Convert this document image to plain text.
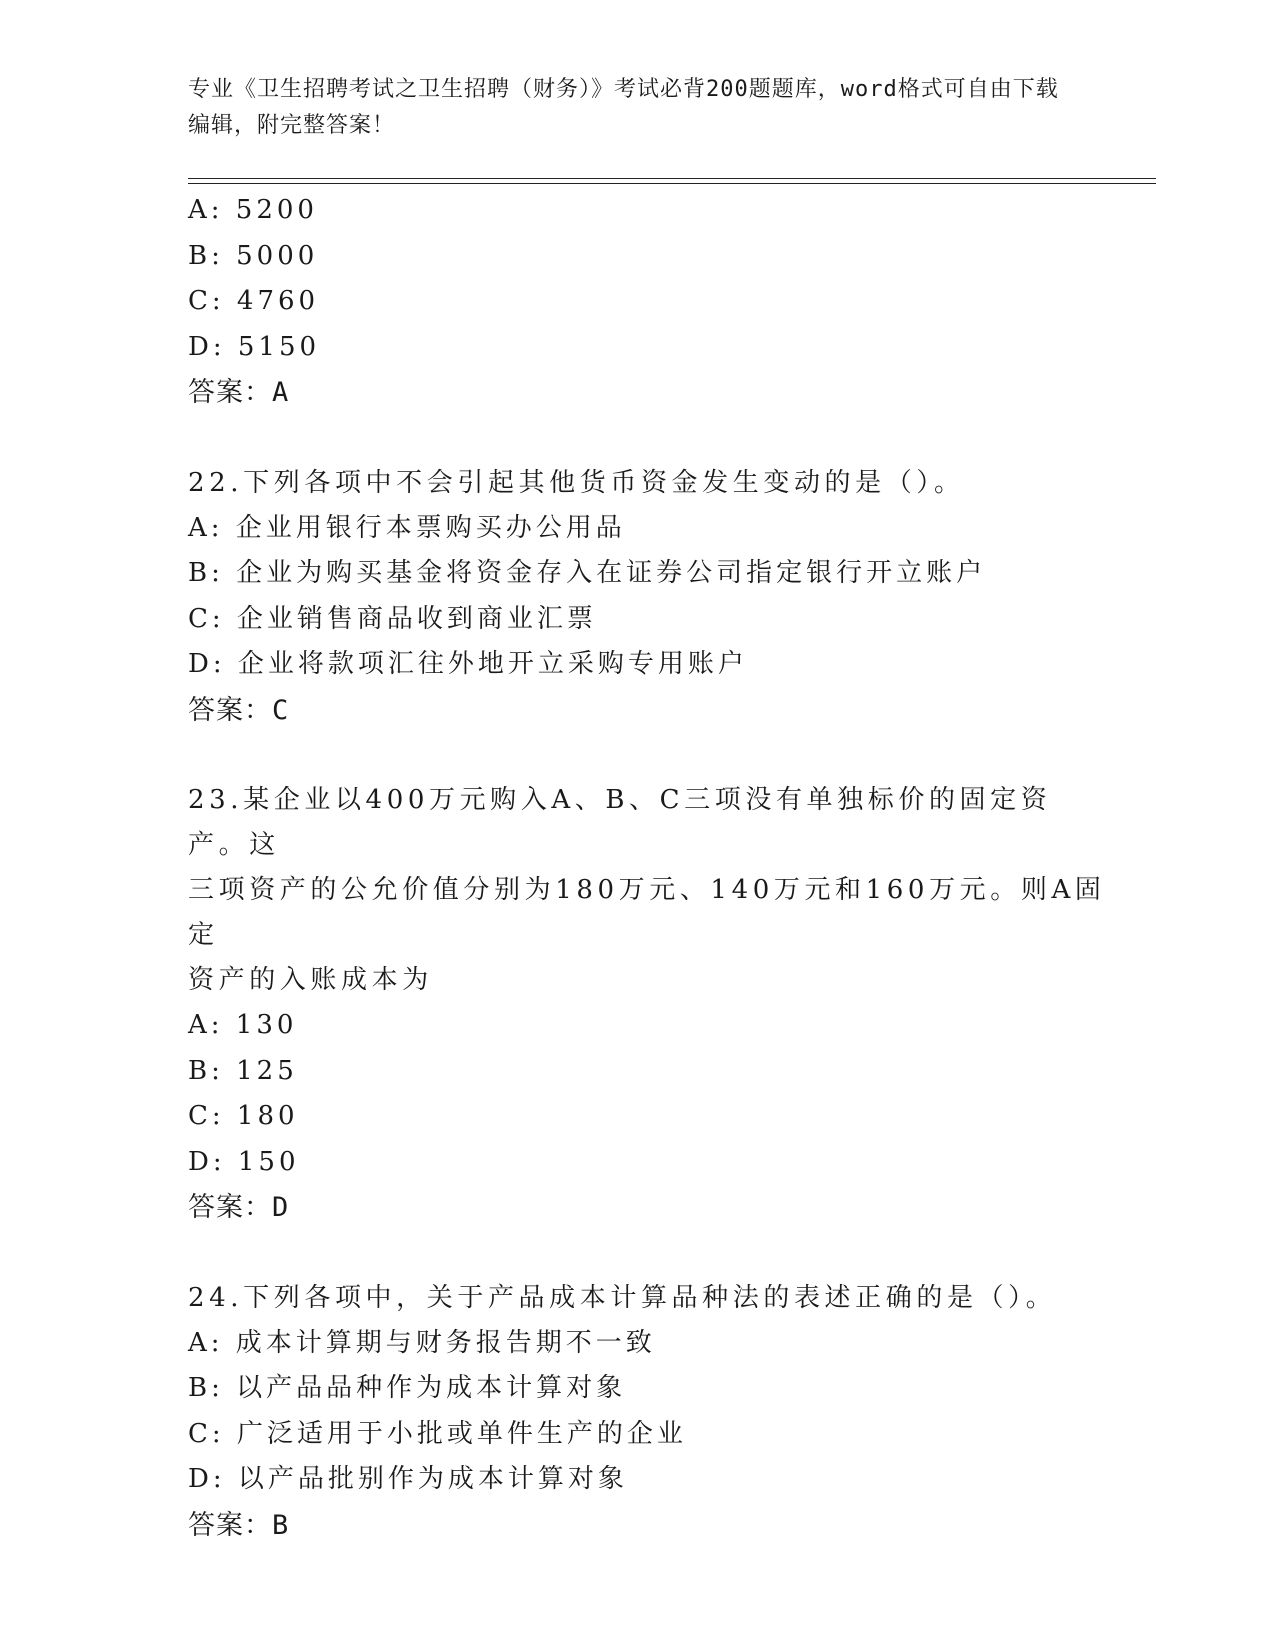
专业《卫生招聘考试之卫生招聘（财务）》考试必背200题题库，word格式可自由下载编辑，附完整答案！

A: 5200

B: 5000

C: 4760

D: 5150

答案：A

22.下列各项中不会引起其他货币资金发生变动的是（）。

A: 企业用银行本票购买办公用品

B: 企业为购买基金将资金存入在证券公司指定银行开立账户

C: 企业销售商品收到商业汇票

D: 企业将款项汇往外地开立采购专用账户

答案：C

23.某企业以400万元购入A、B、C三项没有单独标价的固定资产。这

三项资产的公允价值分别为180万元、140万元和160万元。则A固定

资产的入账成本为

A: 130

B: 125

C: 180

D: 150

答案：D

24.下列各项中，关于产品成本计算品种法的表述正确的是（）。

A: 成本计算期与财务报告期不一致

B: 以产品品种作为成本计算对象

C: 广泛适用于小批或单件生产的企业

D: 以产品批别作为成本计算对象

答案：B
